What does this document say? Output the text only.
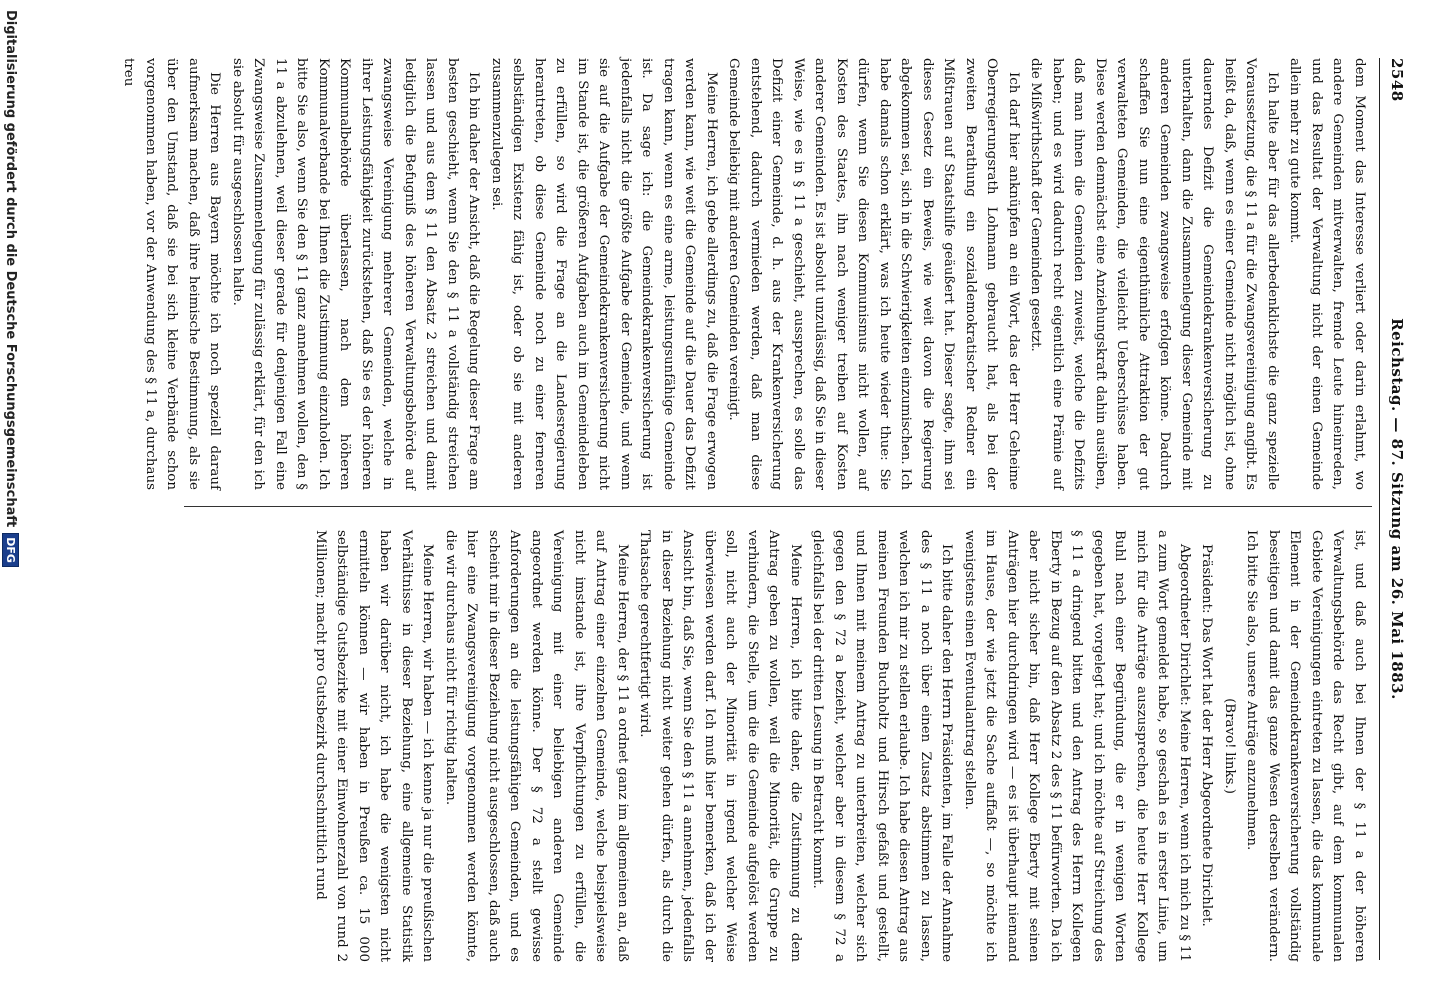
2548
Reichstag. — 87. Sitzung am 26. Mai 1883.

dem Moment das Interesse verliert oder darin erlahmt, wo andere Gemeinden mitverwalten, fremde Leute hineinreden, und das Resultat der Verwaltung nicht der einen Gemeinde allein mehr zu gute kommt.

Ich halte aber für das allerbedenklichste die ganz spezielle Voraussetzung, die § 11 a für die Zwangsvereinigung angibt. Es heißt da, daß, wenn es einer Gemeinde nicht möglich ist, ohne dauerndes Defizit die Gemeindekrankenversicherung zu unterhalten, dann die Zusammenlegung dieser Gemeinde mit anderen Gemeinden zwangsweise erfolgen könne. Dadurch schaffen Sie nun eine eigenthümliche Attraktion der gut verwalteten Gemeinden, die vielleicht Ueberschüsse haben. Diese werden demnächst eine Anziehungskraft dahin ausüben, daß man ihnen die Gemeinden zuweist, welche die Defizits haben; und es wird dadurch recht eigentlich eine Prämie auf die Mißwirthschaft der Gemeinden gesetzt.

Ich darf hier anknüpfen an ein Wort, das der Herr Geheime Oberregierungsrath Lohmann gebraucht hat, als bei der zweiten Berathung ein sozialdemokratischer Redner ein Mißtrauen auf Staatshilfe geäußert hat. Dieser sagte, ihm sei dieses Gesetz ein Beweis, wie weit davon die Regierung abgekommen sei, sich in die Schwierigkeiten einzumischen. Ich habe damals schon erklärt, was ich heute wieder thue: Sie dürfen, wenn Sie diesen Kommunismus nicht wollen, auf Kosten des Staates, ihn nach weniger treiben auf Kosten anderer Gemeinden. Es ist absolut unzulässig, daß Sie in dieser Weise, wie es in § 11 a geschieht, aussprechen, es solle das Defizit einer Gemeinde, d. h. aus der Krankenversicherung entstehend, dadurch vermieden werden, daß man diese Gemeinde beliebig mit anderen Gemeinden vereinigt.

Meine Herren, ich gebe allerdings zu, daß die Frage erwogen werden kann, wie weit die Gemeinde auf die Dauer das Defizit tragen kann, wenn es eine arme, leistungsunfähige Gemeinde ist. Da sage ich: die Gemeindekrankenversicherung ist jedenfalls nicht die größte Aufgabe der Gemeinde, und wenn sie auf die Aufgabe der Gemeindekrankenversicherung nicht im Stande ist, die größeren Aufgaben auch im Gemeindeleben zu erfüllen, so wird die Frage an die Landesregierung herantreten, ob diese Gemeinde noch zu einer ferneren selbständigen Existenz fähig ist, oder ob sie mit anderen zusammenzulegen sei.

Ich bin daher der Ansicht, daß die Regelung dieser Frage am besten geschieht, wenn Sie den § 11 a vollständig streichen lassen und aus dem § 11 den Absatz 2 streichen und damit lediglich die Befugniß des höheren Verwaltungsbehörde auf zwangsweise Vereinigung mehrerer Gemeinden, welche in ihrer Leistungsfähigkeit zurückstehen, daß Sie es der höheren Kommunalbehörde überlassen, nach dem höheren Kommunalverbande bei Ihnen die Zustimmung einzuholen. Ich bitte Sie also, wenn Sie den § 11 ganz annehmen wollen, den § 11 a abzulehnen, weil dieser gerade für denjenigen Fall eine Zwangsweise Zusammenlegung für zulässig erklärt, für den ich sie absolut für ausgeschlossen halte.

Die Herren aus Bayern möchte ich noch speziell darauf aufmerksam machen, daß ihre heimische Bestimmung, als sie über den Umstand, daß sie bei sich kleine Verbände schon vorgenommen haben, vor der Anwendung des § 11 a, durchaus treu

ist, und daß auch bei Ihnen der § 11 a der höheren Verwaltungsbehörde das Recht gibt, auf dem kommunalen Gebiete Vereinigungen eintreten zu lassen, die das kommunale Element in der Gemeindekrankenversicherung vollständig beseitigen und damit das ganze Wesen derselben verändern. Ich bitte Sie also, unsere Anträge anzunehmen.

(Bravo! links.)

Präsident: Das Wort hat der Herr Abgeordnete Dirichlet.

Abgeordneter Dirichlet: Meine Herren, wenn ich mich zu § 11 a zum Wort gemeldet habe, so geschah es in erster Linie, um mich für die Anträge auszusprechen, die heute Herr Kollege Buhl nach einer Begründung, die er in wenigen Worten gegeben hat, vorgelegt hat; und ich möchte auf Streichung des § 11 a dringend bitten und den Antrag des Herrn Kollegen Eberty in Bezug auf den Absatz 2 des § 11 befürworten. Da ich aber nicht sicher bin, daß Herr Kollege Eberty mit seinen Anträgen hier durchdringen wird — es ist überhaupt niemand im Hause, der wie jetzt die Sache auffaßt —, so möchte ich wenigstens einen Eventualantrag stellen.

Ich bitte daher den Herrn Präsidenten, im Falle der Annahme des § 11 a noch über einen Zusatz abstimmen zu lassen, welchen ich mir zu stellen erlaube. Ich habe diesen Antrag aus meinen Freunden Buchholtz und Hirsch gefaßt und gestellt, und Ihnen mit meinem Antrag zu unterbreiten, welcher sich gegen den § 72 a bezieht, welcher aber in diesem § 72 a gleichfalls bei der dritten Lesung in Betracht kommt.

Meine Herren, ich bitte daher, die Zustimmung zu dem Antrag geben zu wollen, weil die Minorität, die Gruppe zu verhindern, die Stelle, um die die Gemeinde aufgelöst werden soll, nicht auch der Minorität in irgend welcher Weise überwiesen werden darf. Ich muß hier bemerken, daß ich der Ansicht bin, daß Sie, wenn Sie den § 11 a annehmen, jedenfalls in dieser Beziehung nicht weiter gehen dürfen, als durch die Thatsache gerechtfertigt wird.

Meine Herren, der § 11 a ordnet ganz im allgemeinen an, daß auf Antrag einer einzelnen Gemeinde, welche beispielsweise nicht imstande ist, ihre Verpflichtungen zu erfüllen, die Vereinigung mit einer beliebigen anderen Gemeinde angeordnet werden könne. Der § 72 a stellt gewisse Anforderungen an die leistungsfähigen Gemeinden, und es scheint mir in dieser Beziehung nicht ausgeschlossen, daß auch hier eine Zwangsvereinigung vorgenommen werden könnte, die wir durchaus nicht für richtig halten.

Meine Herren, wir haben — ich kenne ja nur die preußischen Verhältnisse in dieser Beziehung, eine allgemeine Statistik haben wir darüber nicht, ich habe die wenigsten nicht ermitteln können — wir haben in Preußen ca. 15 000 selbständige Gutsbezirke mit einer Einwohnerzahl von rund 2 Millionen; macht pro Gutsbezirk durchschnittlich rund

Digitalisierung gefördert durch die Deutsche Forschungsgemeinschaft
DFG
